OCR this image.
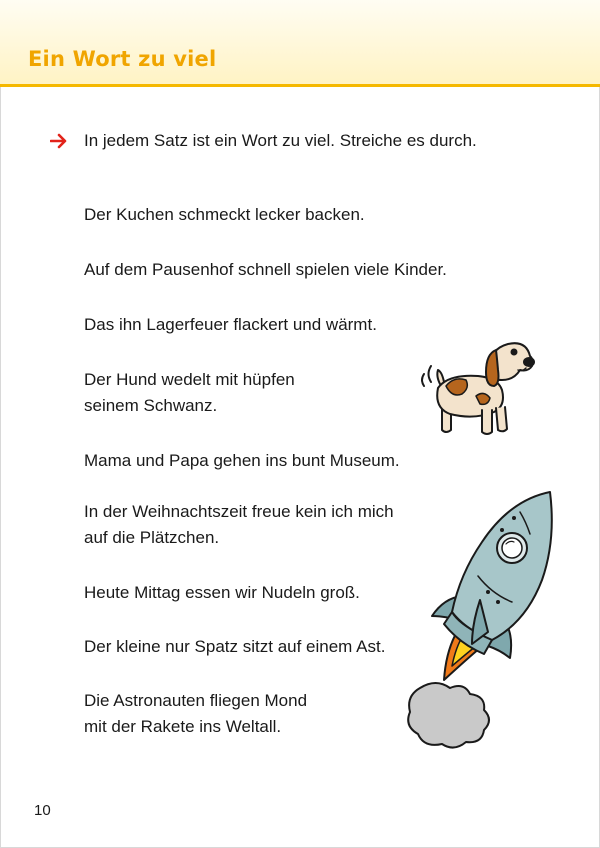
Ein Wort zu viel
In jedem Satz ist ein Wort zu viel. Streiche es durch.
Der Kuchen schmeckt lecker backen.
Auf dem Pausenhof schnell spielen viele Kinder.
Das ihn Lagerfeuer flackert und wärmt.
Der Hund wedelt mit hüpfen
seinem Schwanz.
Mama und Papa gehen ins bunt Museum.
In der Weihnachtszeit freue kein ich mich
auf die Plätzchen.
Heute Mittag essen wir Nudeln groß.
Der kleine nur Spatz sitzt auf einem Ast.
Die Astronauten fliegen Mond
mit der Rakete ins Weltall.
10
